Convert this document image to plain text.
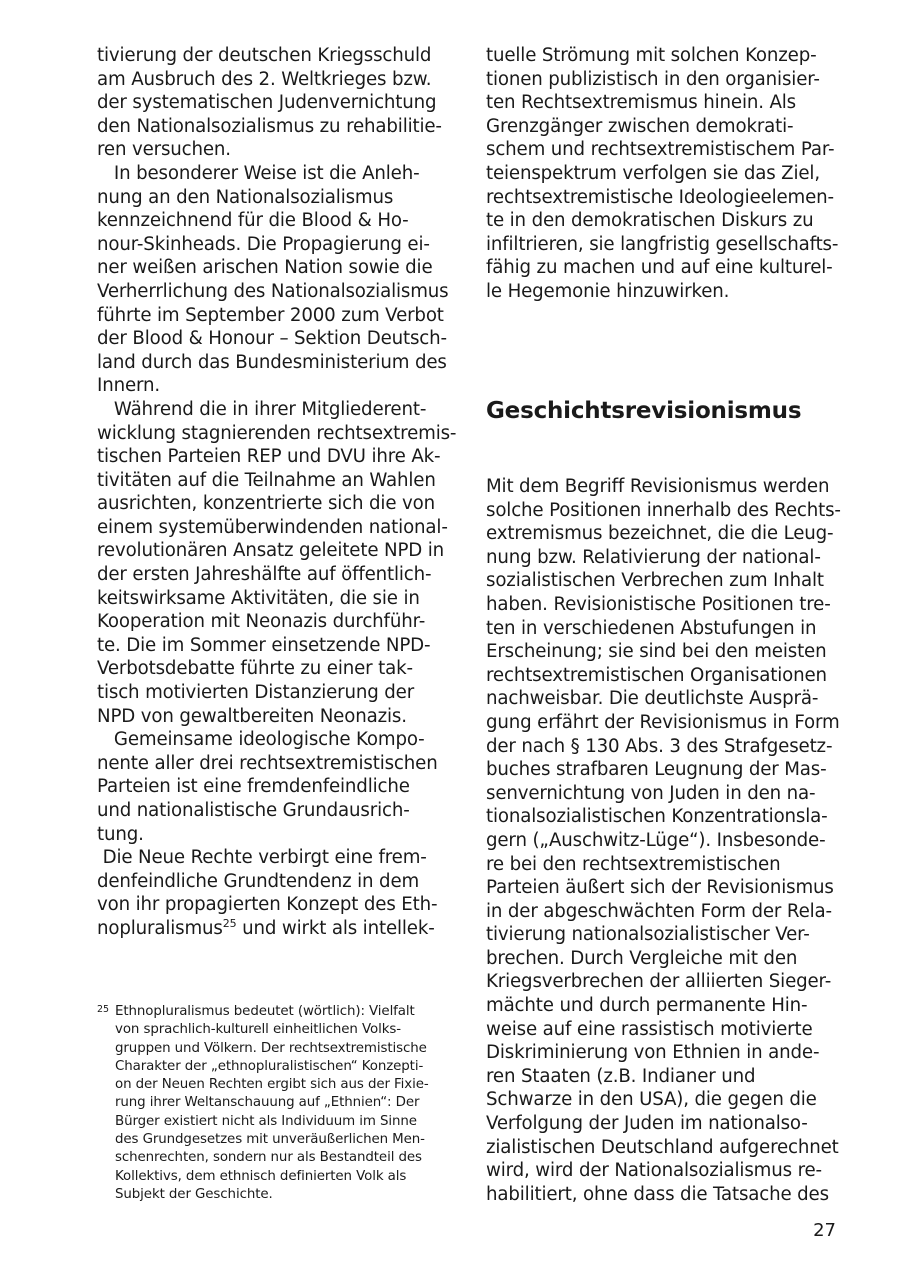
tivierung der deutschen Kriegsschuld
am Ausbruch des 2. Weltkrieges bzw.
der systematischen Judenvernichtung
den Nationalsozialismus zu rehabilitie-
ren versuchen.
In besonderer Weise ist die Anleh-
nung an den Nationalsozialismus
kennzeichnend für die Blood & Ho-
nour-Skinheads. Die Propagierung ei-
ner weißen arischen Nation sowie die
Verherrlichung des Nationalsozialismus
führte im September 2000 zum Verbot
der Blood & Honour – Sektion Deutsch-
land durch das Bundesministerium des
Innern.
Während die in ihrer Mitgliederent-
wicklung stagnierenden rechtsextremis-
tischen Parteien REP und DVU ihre Ak-
tivitäten auf die Teilnahme an Wahlen
ausrichten, konzentrierte sich die von
einem systemüberwindenden national-
revolutionären Ansatz geleitete NPD in
der ersten Jahreshälfte auf öffentlich-
keitswirksame Aktivitäten, die sie in
Kooperation mit Neonazis durchführ-
te. Die im Sommer einsetzende NPD-
Verbotsdebatte führte zu einer tak-
tisch motivierten Distanzierung der
NPD von gewaltbereiten Neonazis.
Gemeinsame ideologische Kompo-
nente aller drei rechtsextremistischen
Parteien ist eine fremdenfeindliche
und nationalistische Grundausrich-
tung.
Die Neue Rechte verbirgt eine frem-
denfeindliche Grundtendenz in dem
von ihr propagierten Konzept des Eth-
nopluralismus$^{25}$ und wirkt als intellek-
tuelle Strömung mit solchen Konzep-
tionen publizistisch in den organisier-
ten Rechtsextremismus hinein. Als
Grenzgänger zwischen demokrati-
schem und rechtsextremistischem Par-
teienspektrum verfolgen sie das Ziel,
rechtsextremistische Ideologieelemen-
te in den demokratischen Diskurs zu
infiltrieren, sie langfristig gesellschafts-
fähig zu machen und auf eine kulturel-
le Hegemonie hinzuwirken.
Geschichtsrevisionismus
Mit dem Begriff Revisionismus werden
solche Positionen innerhalb des Rechts-
extremismus bezeichnet, die die Leug-
nung bzw. Relativierung der national-
sozialistischen Verbrechen zum Inhalt
haben. Revisionistische Positionen tre-
ten in verschiedenen Abstufungen in
Erscheinung; sie sind bei den meisten
rechtsextremistischen Organisationen
nachweisbar. Die deutlichste Ausprä-
gung erfährt der Revisionismus in Form
der nach § 130 Abs. 3 des Strafgesetz-
buches strafbaren Leugnung der Mas-
senvernichtung von Juden in den na-
tionalsozialistischen Konzentrationsla-
gern („Auschwitz-Lüge“). Insbesonde-
re bei den rechtsextremistischen
Parteien äußert sich der Revisionismus
in der abgeschwächten Form der Rela-
tivierung nationalsozialistischer Ver-
brechen. Durch Vergleiche mit den
Kriegsverbrechen der alliierten Sieger-
mächte und durch permanente Hin-
weise auf eine rassistisch motivierte
Diskriminierung von Ethnien in ande-
ren Staaten (z.B. Indianer und
Schwarze in den USA), die gegen die
Verfolgung der Juden im nationalso-
zialistischen Deutschland aufgerechnet
wird, wird der Nationalsozialismus re-
habilitiert, ohne dass die Tatsache des
25 Ethnopluralismus bedeutet (wörtlich): Vielfalt
von sprachlich-kulturell einheitlichen Volks-
gruppen und Völkern. Der rechtsextremistische
Charakter der „ethnopluralistischen“ Konzepti-
on der Neuen Rechten ergibt sich aus der Fixie-
rung ihrer Weltanschauung auf „Ethnien“: Der
Bürger existiert nicht als Individuum im Sinne
des Grundgesetzes mit unveräußerlichen Men-
schenrechten, sondern nur als Bestandteil des
Kollektivs, dem ethnisch definierten Volk als
Subjekt der Geschichte.
27
